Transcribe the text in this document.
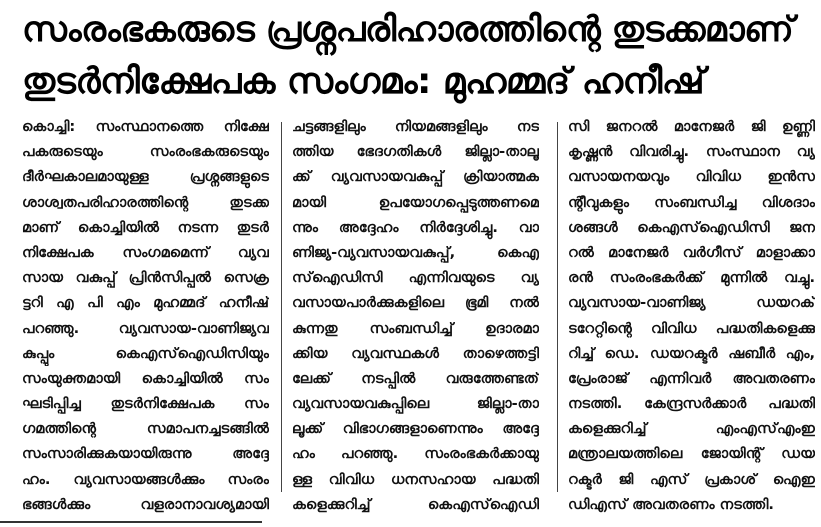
സംരംഭകരുടെ പ്രശ്നപരിഹാരത്തിന്റെ തുടക്കമാണ്
തുടർനിക്ഷേപക സംഗമം: മുഹമ്മദ് ഹനീഷ്
കൊച്ചി: സംസ്ഥാനത്തെ നിക്ഷേ
പകരുടെയും സംരംഭകരുടെയും
ദീർഘകാലമായുള്ള പ്രശ്നങ്ങളുടെ
ശാശ്വതപരിഹാരത്തിന്റെ തുടക്ക
മാണ് കൊച്ചിയിൽ നടന്ന തുടർ
നിക്ഷേപക സംഗമമെന്ന് വ്യവ
സായ വകുപ്പ് പ്രിൻസിപ്പൽ സെക്ര
ട്ടറി എ പി എം മുഹമ്മദ് ഹനീഷ്
പറഞ്ഞു. വ്യവസായ-വാണിജ്യവ
കുപ്പും കെഎസ്ഐഡിസിയും
സംയുക്തമായി കൊച്ചിയിൽ സം
ഘടിപ്പിച്ച തുടർനിക്ഷേപക സം
ഗമത്തിന്റെ സമാപനച്ചടങ്ങിൽ
സംസാരിക്കുകയായിരുന്നു അദ്ദേ
ഹം. വ്യവസായങ്ങൾക്കും സംരം
ഭങ്ങൾക്കും വളരാനാവശ്യമായി
ചട്ടങ്ങളിലും നിയമങ്ങളിലും നട
ത്തിയ ഭേദഗതികൾ ജില്ലാ-താലൂ
ക്ക് വ്യവസായവകുപ്പ് ക്രിയാത്മക
മായി ഉപയോഗപ്പെടുത്തണമെ
ന്നും അദ്ദേഹം നിർദ്ദേശിച്ചു. വാ
ണിജ്യ-വ്യവസായവകുപ്പ്, കെഎ
സ്ഐഡിസി എന്നിവയുടെ വ്യ
വസായപാർക്കുകളിലെ ഭൂമി നൽ
കുന്നതു സംബന്ധിച്ച് ഉദാരമാ
ക്കിയ വ്യവസ്ഥകൾ താഴെത്തട്ടി
ലേക്ക് നടപ്പിൽ വരുത്തേണ്ടത്
വ്യവസായവകുപ്പിലെ ജില്ലാ-താ
ലൂക്ക് വിഭാഗങ്ങളാണെന്നും അദ്ദേ
ഹം പറഞ്ഞു. സംരംഭകർക്കായു
ള്ള വിവിധ ധനസഹായ പദ്ധതി
കളെക്കുറിച്ച് കെഎസ്ഐഡി
സി ജനറൽ മാനേജർ ജി ഉണ്ണി
കൃഷ്ണൻ വിവരിച്ചു. സംസ്ഥാന വ്യ
വസായനയവും വിവിധ ഇൻസ
ന്റീവുകളും സംബന്ധിച്ച വിശദാം
ശങ്ങൾ കെഎസ്ഐഡിസി ജന
റൽ മാനേജർ വർഗീസ് മാളാക്കാ
രൻ സംരംഭകർക്ക് മുന്നിൽ വച്ചു.
വ്യവസായ-വാണിജ്യ ഡയറക്
ടറേറ്റിന്റെ വിവിധ പദ്ധതികളെക്കു
റിച്ച് ഡെ. ഡയറക്ടർ ഷബീർ എം,
പ്രേംരാജ് എന്നിവർ അവതരണം
നടത്തി. കേന്ദ്രസർക്കാർ പദ്ധതി
കളെക്കുറിച്ച് എംഎസ്എംഇ
മന്ത്രാലയത്തിലെ ജോയിന്റ് ഡയ
റക്ടർ ജി എസ് പ്രകാശ് ഐഇ
ഡിഎസ് അവതരണം നടത്തി.
